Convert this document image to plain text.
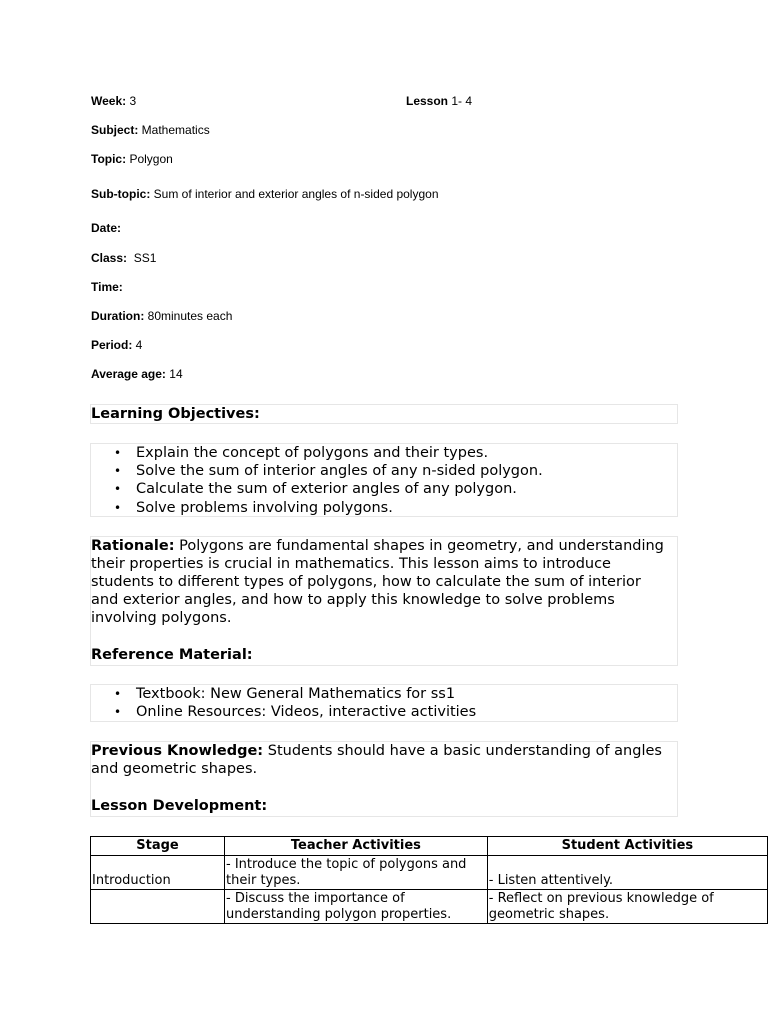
Week: 3	Lesson 1- 4
Subject: Mathematics
Topic: Polygon
Sub-topic: Sum of interior and exterior angles of n-sided polygon
Date:
Class:  SS1
Time:
Duration: 80minutes each
Period: 4
Average age: 14
Learning Objectives:
• Explain the concept of polygons and their types.
• Solve the sum of interior angles of any n-sided polygon.
• Calculate the sum of exterior angles of any polygon.
• Solve problems involving polygons.
Rationale: Polygons are fundamental shapes in geometry, and understanding their properties is crucial in mathematics. This lesson aims to introduce students to different types of polygons, how to calculate the sum of interior and exterior angles, and how to apply this knowledge to solve problems involving polygons.
Reference Material:
• Textbook: New General Mathematics for ss1
• Online Resources: Videos, interactive activities
Previous Knowledge: Students should have a basic understanding of angles and geometric shapes.
Lesson Development:
Stage	Teacher Activities	Student Activities
Introduction	- Introduce the topic of polygons and their types.	- Listen attentively.
	- Discuss the importance of understanding polygon properties.	- Reflect on previous knowledge of geometric shapes.
